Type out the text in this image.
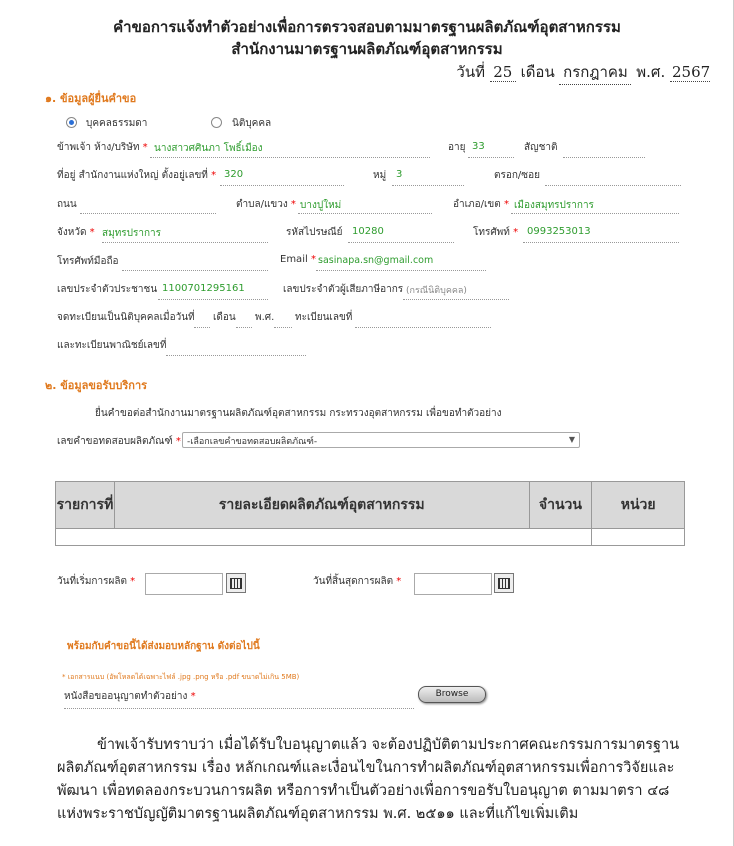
คำขอการแจ้งทำตัวอย่างเพื่อการตรวจสอบตามมาตรฐานผลิตภัณฑ์อุตสาหกรรม
สำนักงานมาตรฐานผลิตภัณฑ์อุตสาหกรรม
วันที่ 25 เดือน กรกฎาคม พ.ศ. 2567
๑. ข้อมูลผู้ยื่นคำขอ
บุคคลธรรมดา	นิติบุคคล
ข้าพเจ้า ห้าง/บริษัท * นางสาวศศินภา โพธิ์เมือง	อายุ 33	สัญชาติ
ที่อยู่ สำนักงานแห่งใหญ่ ตั้งอยู่เลขที่ * 320	หมู่ 3	ตรอก/ซอย
ถนน	ตำบล/แขวง * บางปูใหม่	อำเภอ/เขต * เมืองสมุทรปราการ
จังหวัด * สมุทรปราการ	รหัสไปรษณีย์ 10280	โทรศัพท์ * 0993253013
โทรศัพท์มือถือ	Email * sasinapa.sn@gmail.com
เลขประจำตัวประชาชน 1100701295161	เลขประจำตัวผู้เสียภาษีอากร (กรณีนิติบุคคล)
จดทะเบียนเป็นนิติบุคคลเมื่อวันที่ เดือน พ.ศ. ทะเบียนเลขที่
และทะเบียนพาณิชย์เลขที่
๒. ข้อมูลขอรับบริการ
ยื่นคำขอต่อสำนักงานมาตรฐานผลิตภัณฑ์อุตสาหกรรม กระทรวงอุตสาหกรรม เพื่อขอทำตัวอย่าง
เลขคำขอทดสอบผลิตภัณฑ์ * -เลือกเลขคำขอทดสอบผลิตภัณฑ์-	▼
รายการที่	รายละเอียดผลิตภัณฑ์อุตสาหกรรม	จำนวน	หน่วย

วันที่เริ่มการผลิต *	วันที่สิ้นสุดการผลิต *
พร้อมกับคำขอนี้ได้ส่งมอบหลักฐาน ดังต่อไปนี้
* เอกสารแนบ (อัพโหลดได้เฉพาะไฟล์ .jpg .png หรือ .pdf ขนาดไม่เกิน 5MB)
หนังสือขออนุญาตทำตัวอย่าง *	Browse

ข้าพเจ้ารับทราบว่า เมื่อได้รับใบอนุญาตแล้ว จะต้องปฏิบัติตามประกาศคณะกรรมการมาตรฐานผลิตภัณฑ์อุตสาหกรรม เรื่อง หลักเกณฑ์และเงื่อนไขในการทำผลิตภัณฑ์อุตสาหกรรมเพื่อการวิจัยและพัฒนา เพื่อทดลองกระบวนการผลิต หรือการทำเป็นตัวอย่างเพื่อการขอรับใบอนุญาต ตามมาตรา ๔๘ แห่งพระราชบัญญัติมาตรฐานผลิตภัณฑ์อุตสาหกรรม พ.ศ. ๒๕๑๑ และที่แก้ไขเพิ่มเติม
